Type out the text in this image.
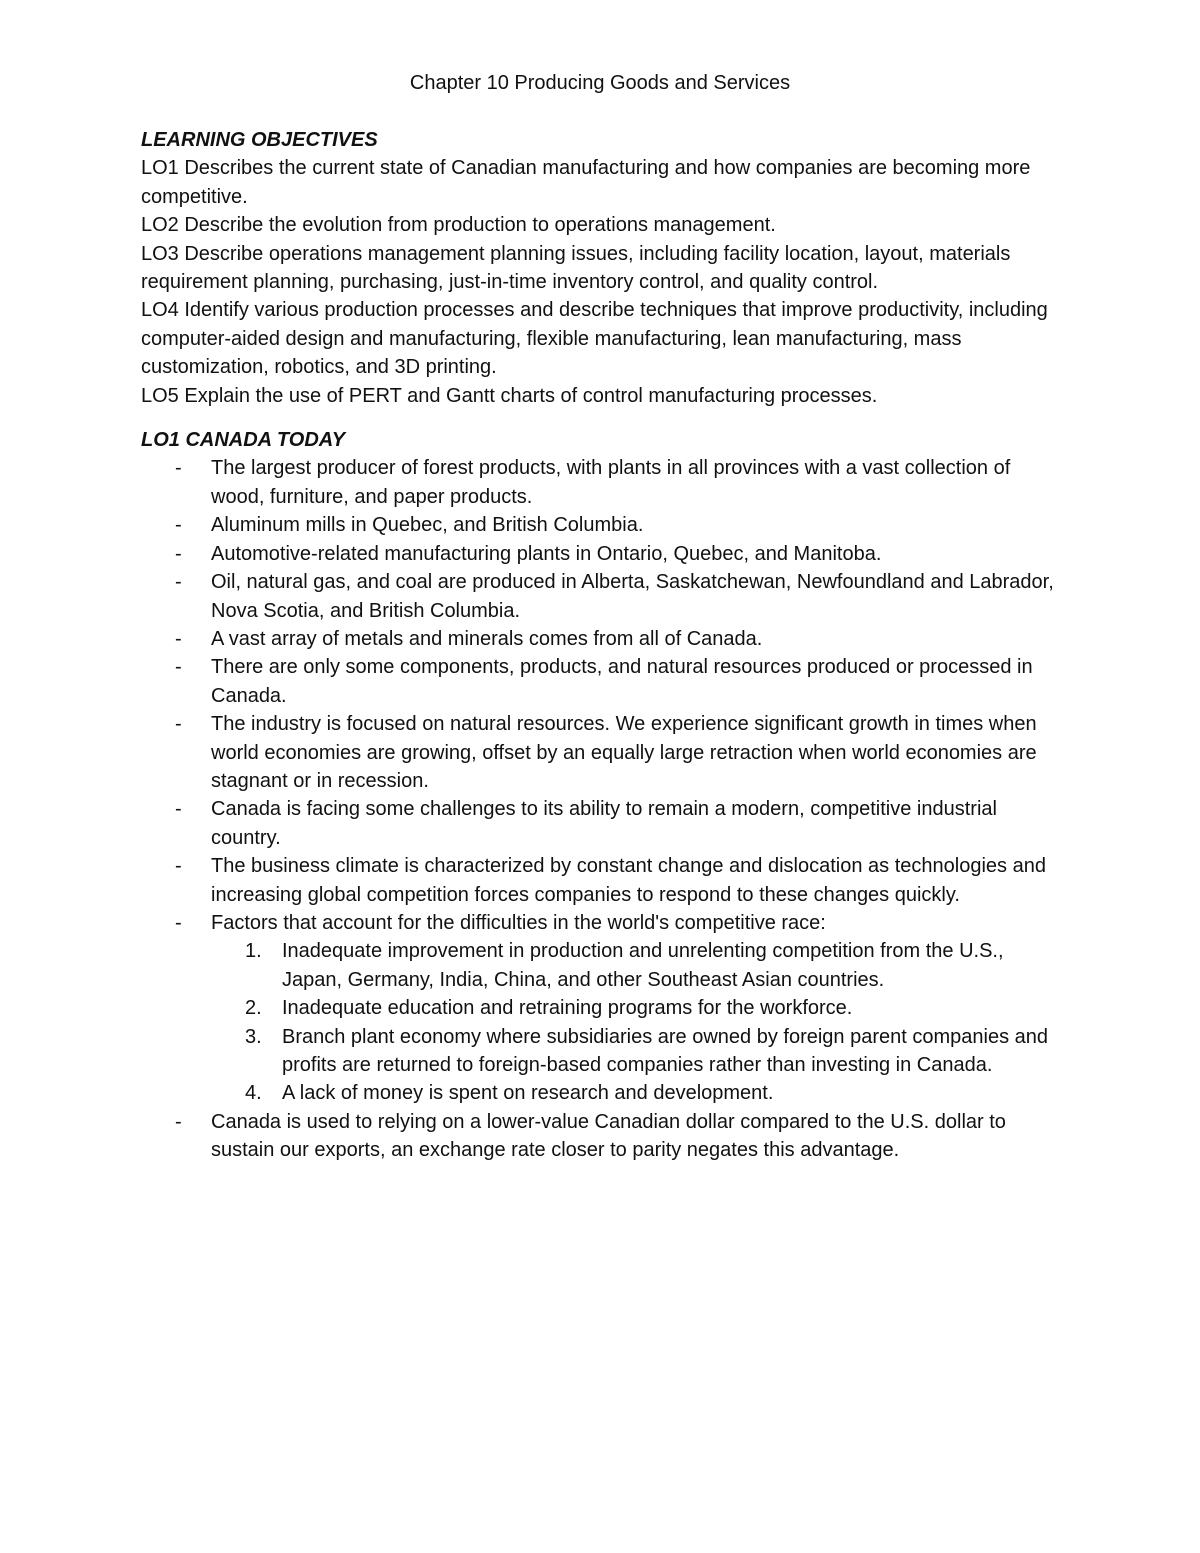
Chapter 10 Producing Goods and Services

LEARNING OBJECTIVES

LO1 Describes the current state of Canadian manufacturing and how companies are becoming more competitive.

LO2 Describe the evolution from production to operations management.

LO3 Describe operations management planning issues, including facility location, layout, materials requirement planning, purchasing, just-in-time inventory control, and quality control.

LO4 Identify various production processes and describe techniques that improve productivity, including computer-aided design and manufacturing, flexible manufacturing, lean manufacturing, mass customization, robotics, and 3D printing.

LO5 Explain the use of PERT and Gantt charts of control manufacturing processes.

LO1 CANADA TODAY

- The largest producer of forest products, with plants in all provinces with a vast collection of wood, furniture, and paper products.
- Aluminum mills in Quebec, and British Columbia.
- Automotive-related manufacturing plants in Ontario, Quebec, and Manitoba.
- Oil, natural gas, and coal are produced in Alberta, Saskatchewan, Newfoundland and Labrador, Nova Scotia, and British Columbia.
- A vast array of metals and minerals comes from all of Canada.
- There are only some components, products, and natural resources produced or processed in Canada.
- The industry is focused on natural resources. We experience significant growth in times when world economies are growing, offset by an equally large retraction when world economies are stagnant or in recession.
- Canada is facing some challenges to its ability to remain a modern, competitive industrial country.
- The business climate is characterized by constant change and dislocation as technologies and increasing global competition forces companies to respond to these changes quickly.
- Factors that account for the difficulties in the world's competitive race:
1. Inadequate improvement in production and unrelenting competition from the U.S., Japan, Germany, India, China, and other Southeast Asian countries.
2. Inadequate education and retraining programs for the workforce.
3. Branch plant economy where subsidiaries are owned by foreign parent companies and profits are returned to foreign-based companies rather than investing in Canada.
4. A lack of money is spent on research and development.
- Canada is used to relying on a lower-value Canadian dollar compared to the U.S. dollar to sustain our exports, an exchange rate closer to parity negates this advantage.
